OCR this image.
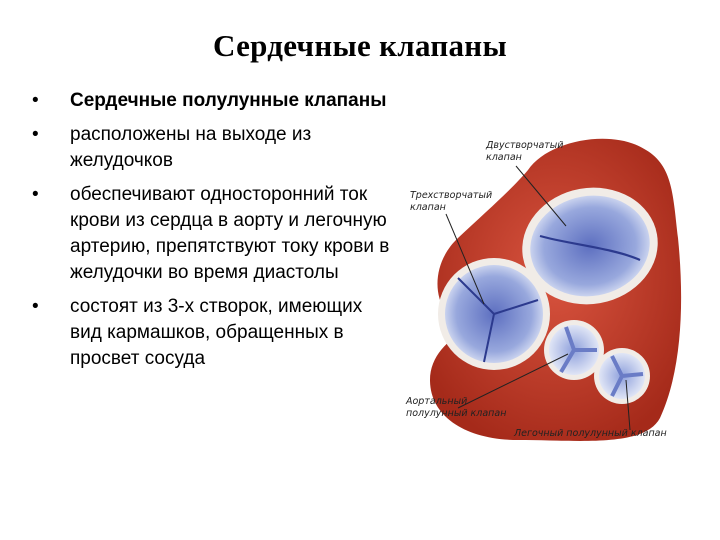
Сердечные клапаны
• Сердечные полулунные клапаны
• расположены на выходе из желудочков
• обеспечивают односторонний ток крови из сердца в аорту и легочную артерию, препятствуют току крови в желудочки во время диастолы
• состоят из 3-х створок, имеющих вид кармашков, обращенных в просвет сосуда
Двустворчатый
клапан
Трехстворчатый
клапан
Аортальный
полулунный клапан
Легочный полулунный клапан
